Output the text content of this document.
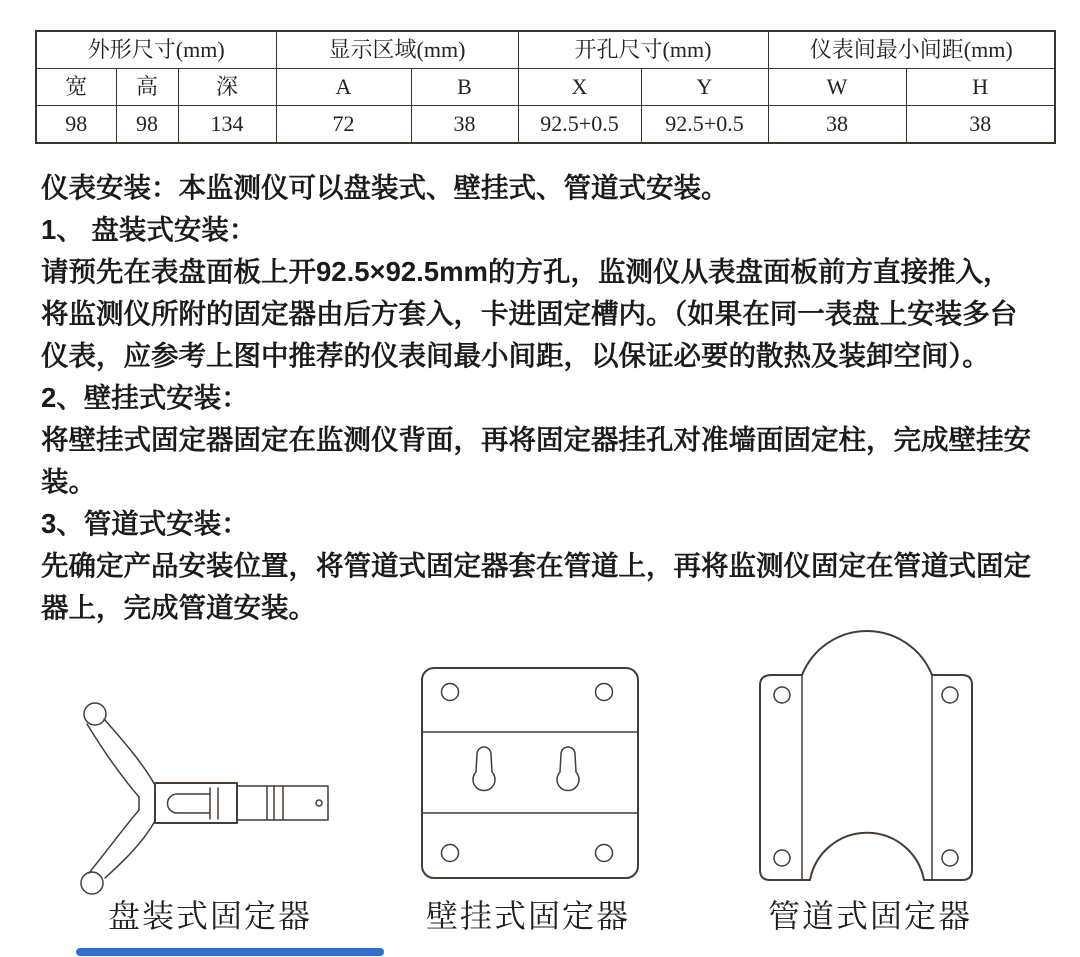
外形尺寸(mm)			显示区域(mm)		开孔尺寸(mm)		仪表间最小间距(mm)	
宽	高	深	A	B	X	Y	W	H
98	98	134	72	38	92.5+0.5	92.5+0.5	38	38
仪表安装：本监测仪可以盘装式、壁挂式、管道式安装。
1、 盘装式安装：
请预先在表盘面板上开92.5×92.5mm的方孔，监测仪从表盘面板前方直接推入，
将监测仪所附的固定器由后方套入，卡进固定槽内。（如果在同一表盘上安装多台
仪表，应参考上图中推荐的仪表间最小间距，以保证必要的散热及装卸空间）。
2、壁挂式安装：
将壁挂式固定器固定在监测仪背面，再将固定器挂孔对准墙面固定柱，完成壁挂安
装。
3、管道式安装：
先确定产品安装位置，将管道式固定器套在管道上，再将监测仪固定在管道式固定
器上，完成管道安装。
盘装式固定器	壁挂式固定器	管道式固定器
